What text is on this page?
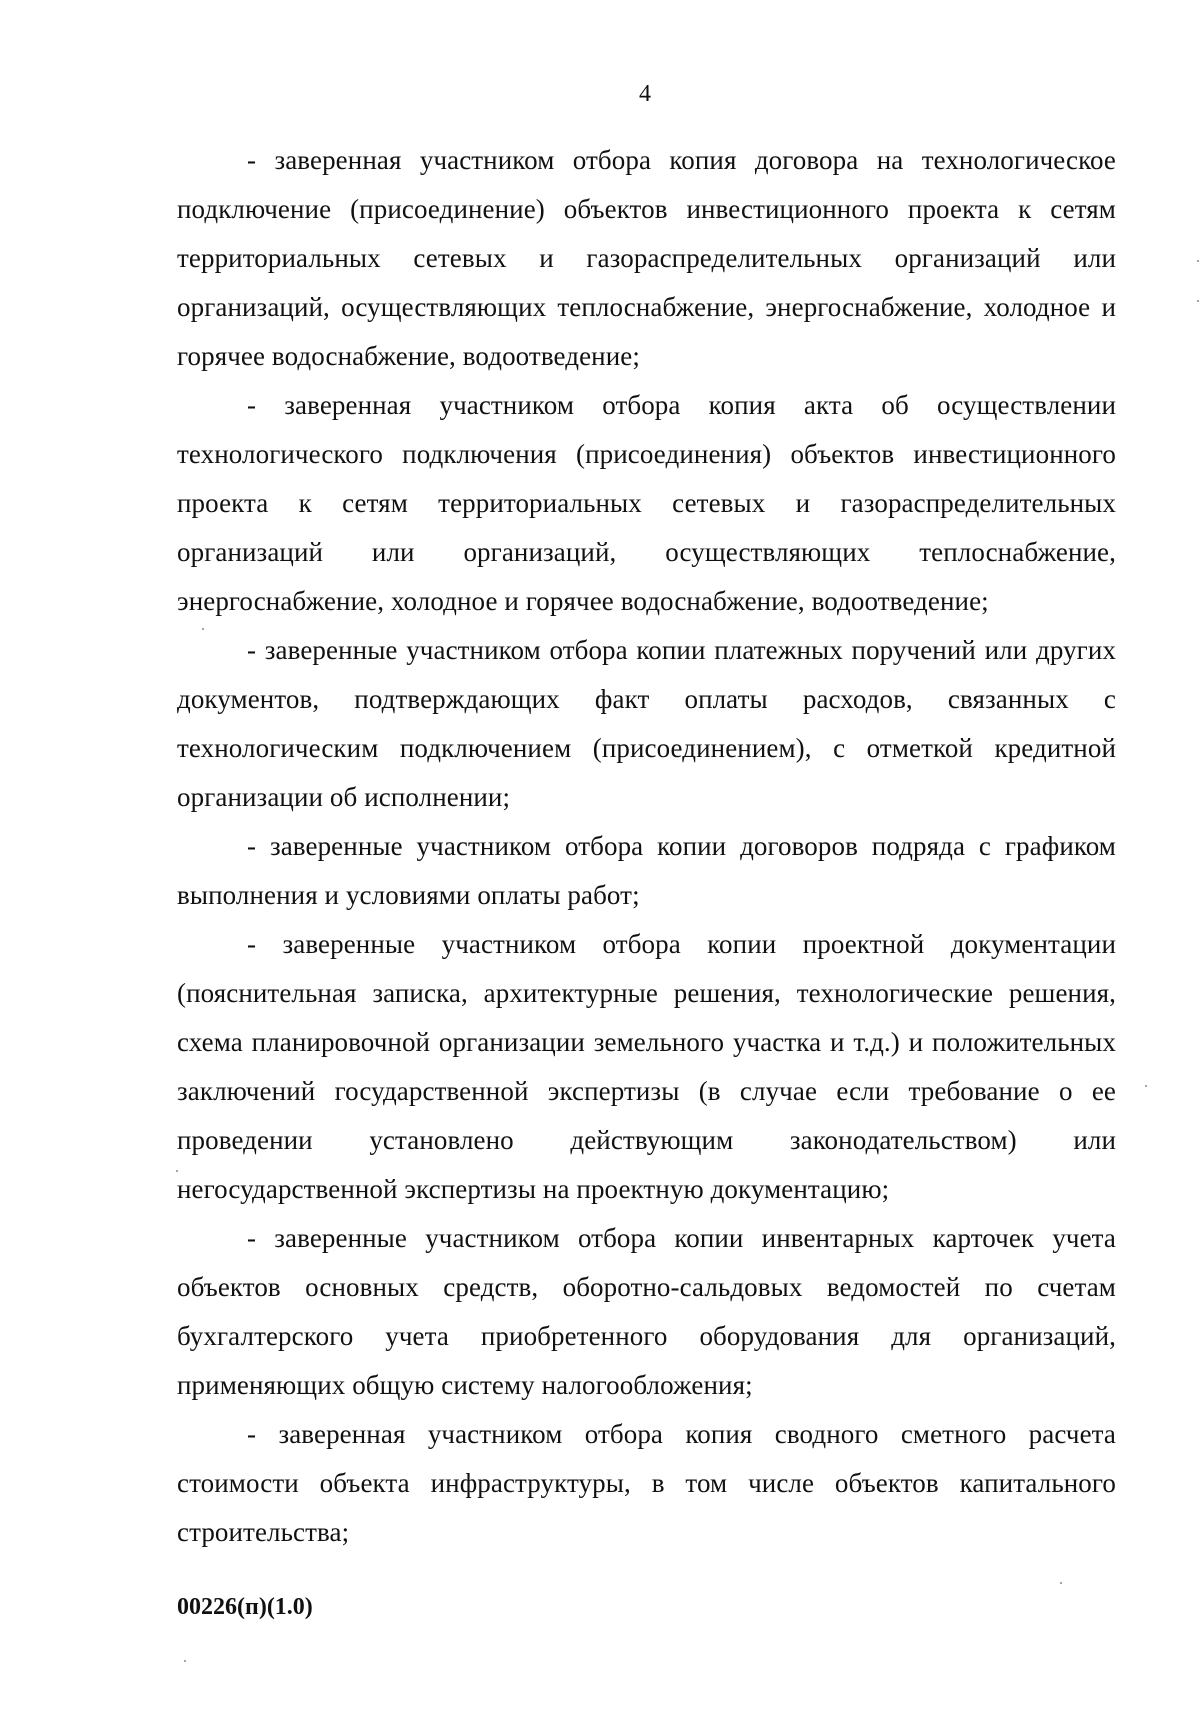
4

- заверенная участником отбора копия договора на технологическое подключение (присоединение) объектов инвестиционного проекта к сетям территориальных сетевых и газораспределительных организаций или организаций, осуществляющих теплоснабжение, энергоснабжение, холодное и горячее водоснабжение, водоотведение;

- заверенная участником отбора копия акта об осуществлении технологического подключения (присоединения) объектов инвестиционного проекта к сетям территориальных сетевых и газораспределительных организаций или организаций, осуществляющих теплоснабжение, энергоснабжение, холодное и горячее водоснабжение, водоотведение;

- заверенные участником отбора копии платежных поручений или других документов, подтверждающих факт оплаты расходов, связанных с технологическим подключением (присоединением), с отметкой кредитной организации об исполнении;

- заверенные участником отбора копии договоров подряда с графиком выполнения и условиями оплаты работ;

- заверенные участником отбора копии проектной документации (пояснительная записка, архитектурные решения, технологические решения, схема планировочной организации земельного участка и т.д.) и положительных заключений государственной экспертизы (в случае если требование о ее проведении установлено действующим законодательством) или негосударственной экспертизы на проектную документацию;

- заверенные участником отбора копии инвентарных карточек учета объектов основных средств, оборотно-сальдовых ведомостей по счетам бухгалтерского учета приобретенного оборудования для организаций, применяющих общую систему налогообложения;

- заверенная участником отбора копия сводного сметного расчета стоимости объекта инфраструктуры, в том числе объектов капитального строительства;

00226(п)(1.0)
